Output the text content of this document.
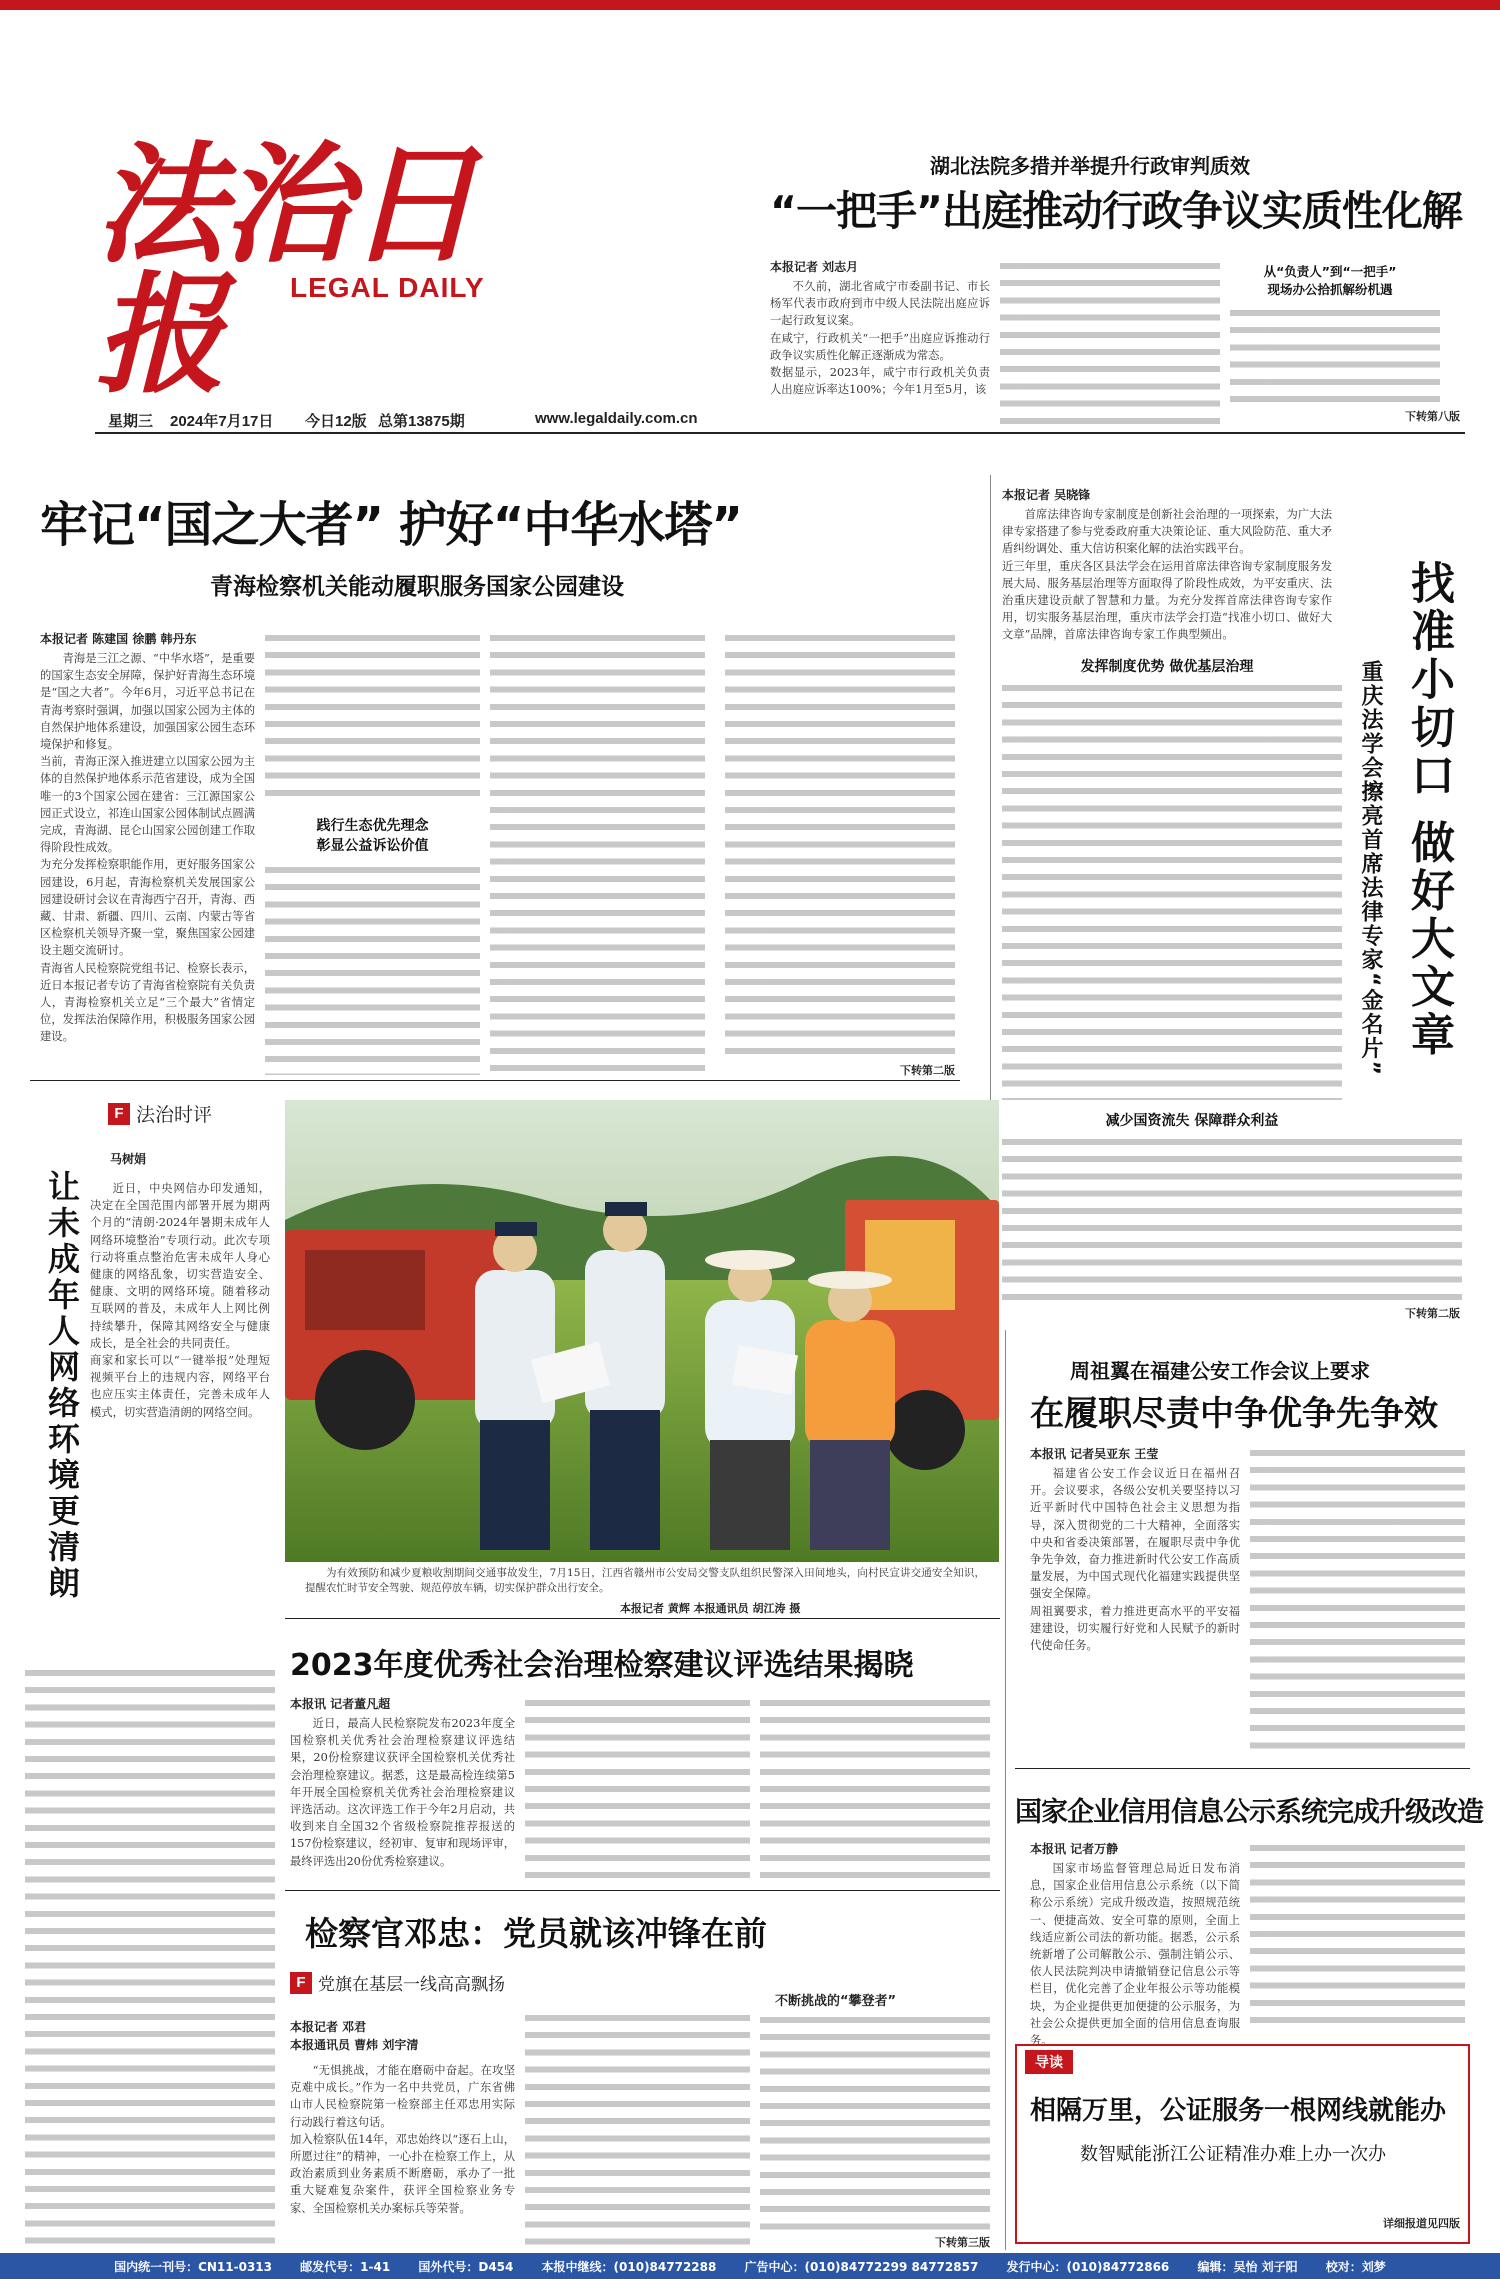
法治日报	LEGAL DAILY
星期三 2024年7月17日 今日12版 总第13875期	www.legaldaily.com.cn
湖北法院多措并举提升行政审判质效
“一把手”出庭推动行政争议实质性化解
本报记者 刘志月
不久前，湖北省咸宁市委副书记、市长杨军代表市政府到市中级人民法院出庭应诉一起行政复议案。
在咸宁，行政机关“一把手”出庭应诉推动行政争议实质性化解正逐渐成为常态。
数据显示，2023年，咸宁市行政机关负责人出庭应诉率达100%；今年1月至5月，该
从“负责人”到“一把手”
现场办公拾抓解纷机遇
下转第八版
牢记“国之大者” 护好“中华水塔”
青海检察机关能动履职服务国家公园建设
本报记者 陈建国 徐鹏 韩丹东
青海是三江之源、“中华水塔”，是重要的国家生态安全屏障，保护好青海生态环境是“国之大者”。今年6月，习近平总书记在青海考察时强调，加强以国家公园为主体的自然保护地体系建设，加强国家公园生态环境保护和修复。
当前，青海正深入推进建立以国家公园为主体的自然保护地体系示范省建设，成为全国唯一的3个国家公园在建省：三江源国家公园正式设立，祁连山国家公园体制试点圆满完成，青海湖、昆仑山国家公园创建工作取得阶段性成效。
为充分发挥检察职能作用，更好服务国家公园建设，6月起，青海检察机关发展国家公园建设研讨会议在青海西宁召开，青海、西藏、甘肃、新疆、四川、云南、内蒙古等省区检察机关领导齐聚一堂，聚焦国家公园建设主题交流研讨。
青海省人民检察院党组书记、检察长表示，近日本报记者专访了青海省检察院有关负责人，青海检察机关立足“三个最大”省情定位，发挥法治保障作用，积极服务国家公园建设。
践行生态优先理念
彰显公益诉讼价值
下转第二版
本报记者 吴晓锋
首席法律咨询专家制度是创新社会治理的一项探索，为广大法律专家搭建了参与党委政府重大决策论证、重大风险防范、重大矛盾纠纷调处、重大信访积案化解的法治实践平台。
近三年里，重庆各区县法学会在运用首席法律咨询专家制度服务发展大局、服务基层治理等方面取得了阶段性成效，为平安重庆、法治重庆建设贡献了智慧和力量。为充分发挥首席法律咨询专家作用，切实服务基层治理，重庆市法学会打造“找准小切口、做好大文章”品牌，首席法律咨询专家工作典型频出。	找准小切口 做好大文章
重庆法学会擦亮首席法律专家“金名片”
发挥制度优势 做优基层治理
减少国资流失 保障群众利益
下转第二版
F 法治时评
马树娟
让未成年人网络环境更清朗	近日，中央网信办印发通知，决定在全国范围内部署开展为期两个月的“清朗·2024年暑期未成年人网络环境整治”专项行动。此次专项行动将重点整治危害未成年人身心健康的网络乱象，切实营造安全、健康、文明的网络环境。随着移动互联网的普及，未成年人上网比例持续攀升，保障其网络安全与健康成长，是全社会的共同责任。
商家和家长可以“一键举报”处理短视频平台上的违规内容，网络平台也应压实主体责任，完善未成年人模式，切实营造清朗的网络空间。
为有效预防和减少夏粮收割期间交通事故发生，7月15日，江西省赣州市公安局交警支队组织民警深入田间地头，向村民宣讲交通安全知识，提醒农忙时节安全驾驶、规范停放车辆，切实保护群众出行安全。
本报记者 黄辉 本报通讯员 胡江涛 摄
2023年度优秀社会治理检察建议评选结果揭晓
本报讯 记者董凡超
近日，最高人民检察院发布2023年度全国检察机关优秀社会治理检察建议评选结果，20份检察建议获评全国检察机关优秀社会治理检察建议。据悉，这是最高检连续第5年开展全国检察机关优秀社会治理检察建议评选活动。这次评选工作于今年2月启动，共收到来自全国32个省级检察院推荐报送的157份检察建议，经初审、复审和现场评审，最终评选出20份优秀检察建议。
检察官邓忠：党员就该冲锋在前
F 党旗在基层一线高高飘扬
本报记者 邓君
本报通讯员 曹炜 刘宇清
“无惧挑战，才能在磨砺中奋起。在攻坚克难中成长。”作为一名中共党员，广东省佛山市人民检察院第一检察部主任邓忠用实际行动践行着这句话。
加入检察队伍14年，邓忠始终以“逐石上山，所愿过往”的精神，一心扑在检察工作上，从政治素质到业务素质不断磨砺，承办了一批重大疑难复杂案件，获评全国检察业务专家、全国检察机关办案标兵等荣誉。
不断挑战的“攀登者”
下转第三版
周祖翼在福建公安工作会议上要求
在履职尽责中争优争先争效
本报讯 记者吴亚东 王莹
福建省公安工作会议近日在福州召开。会议要求，各级公安机关要坚持以习近平新时代中国特色社会主义思想为指导，深入贯彻党的二十大精神，全面落实中央和省委决策部署，在履职尽责中争优争先争效，奋力推进新时代公安工作高质量发展，为中国式现代化福建实践提供坚强安全保障。
周祖翼要求，着力推进更高水平的平安福建建设，切实履行好党和人民赋予的新时代使命任务。
国家企业信用信息公示系统完成升级改造
本报讯 记者万静
国家市场监督管理总局近日发布消息，国家企业信用信息公示系统（以下简称公示系统）完成升级改造，按照规范统一、便捷高效、安全可靠的原则，全面上线适应新公司法的新功能。据悉，公示系统新增了公司解散公示、强制注销公示、依人民法院判决申请撤销登记信息公示等栏目，优化完善了企业年报公示等功能模块，为企业提供更加便捷的公示服务，为社会公众提供更加全面的信用信息查询服务。
导读
相隔万里，公证服务一根网线就能办
数智赋能浙江公证精准办难上办一次办
详细报道见四版
国内统一刊号：CN11-0313 邮发代号：1-41 国外代号：D454 本报中继线：(010)84772288 广告中心：(010)84772299 84772857 发行中心：(010)84772866 编辑：吴怡 刘子阳 校对：刘梦
